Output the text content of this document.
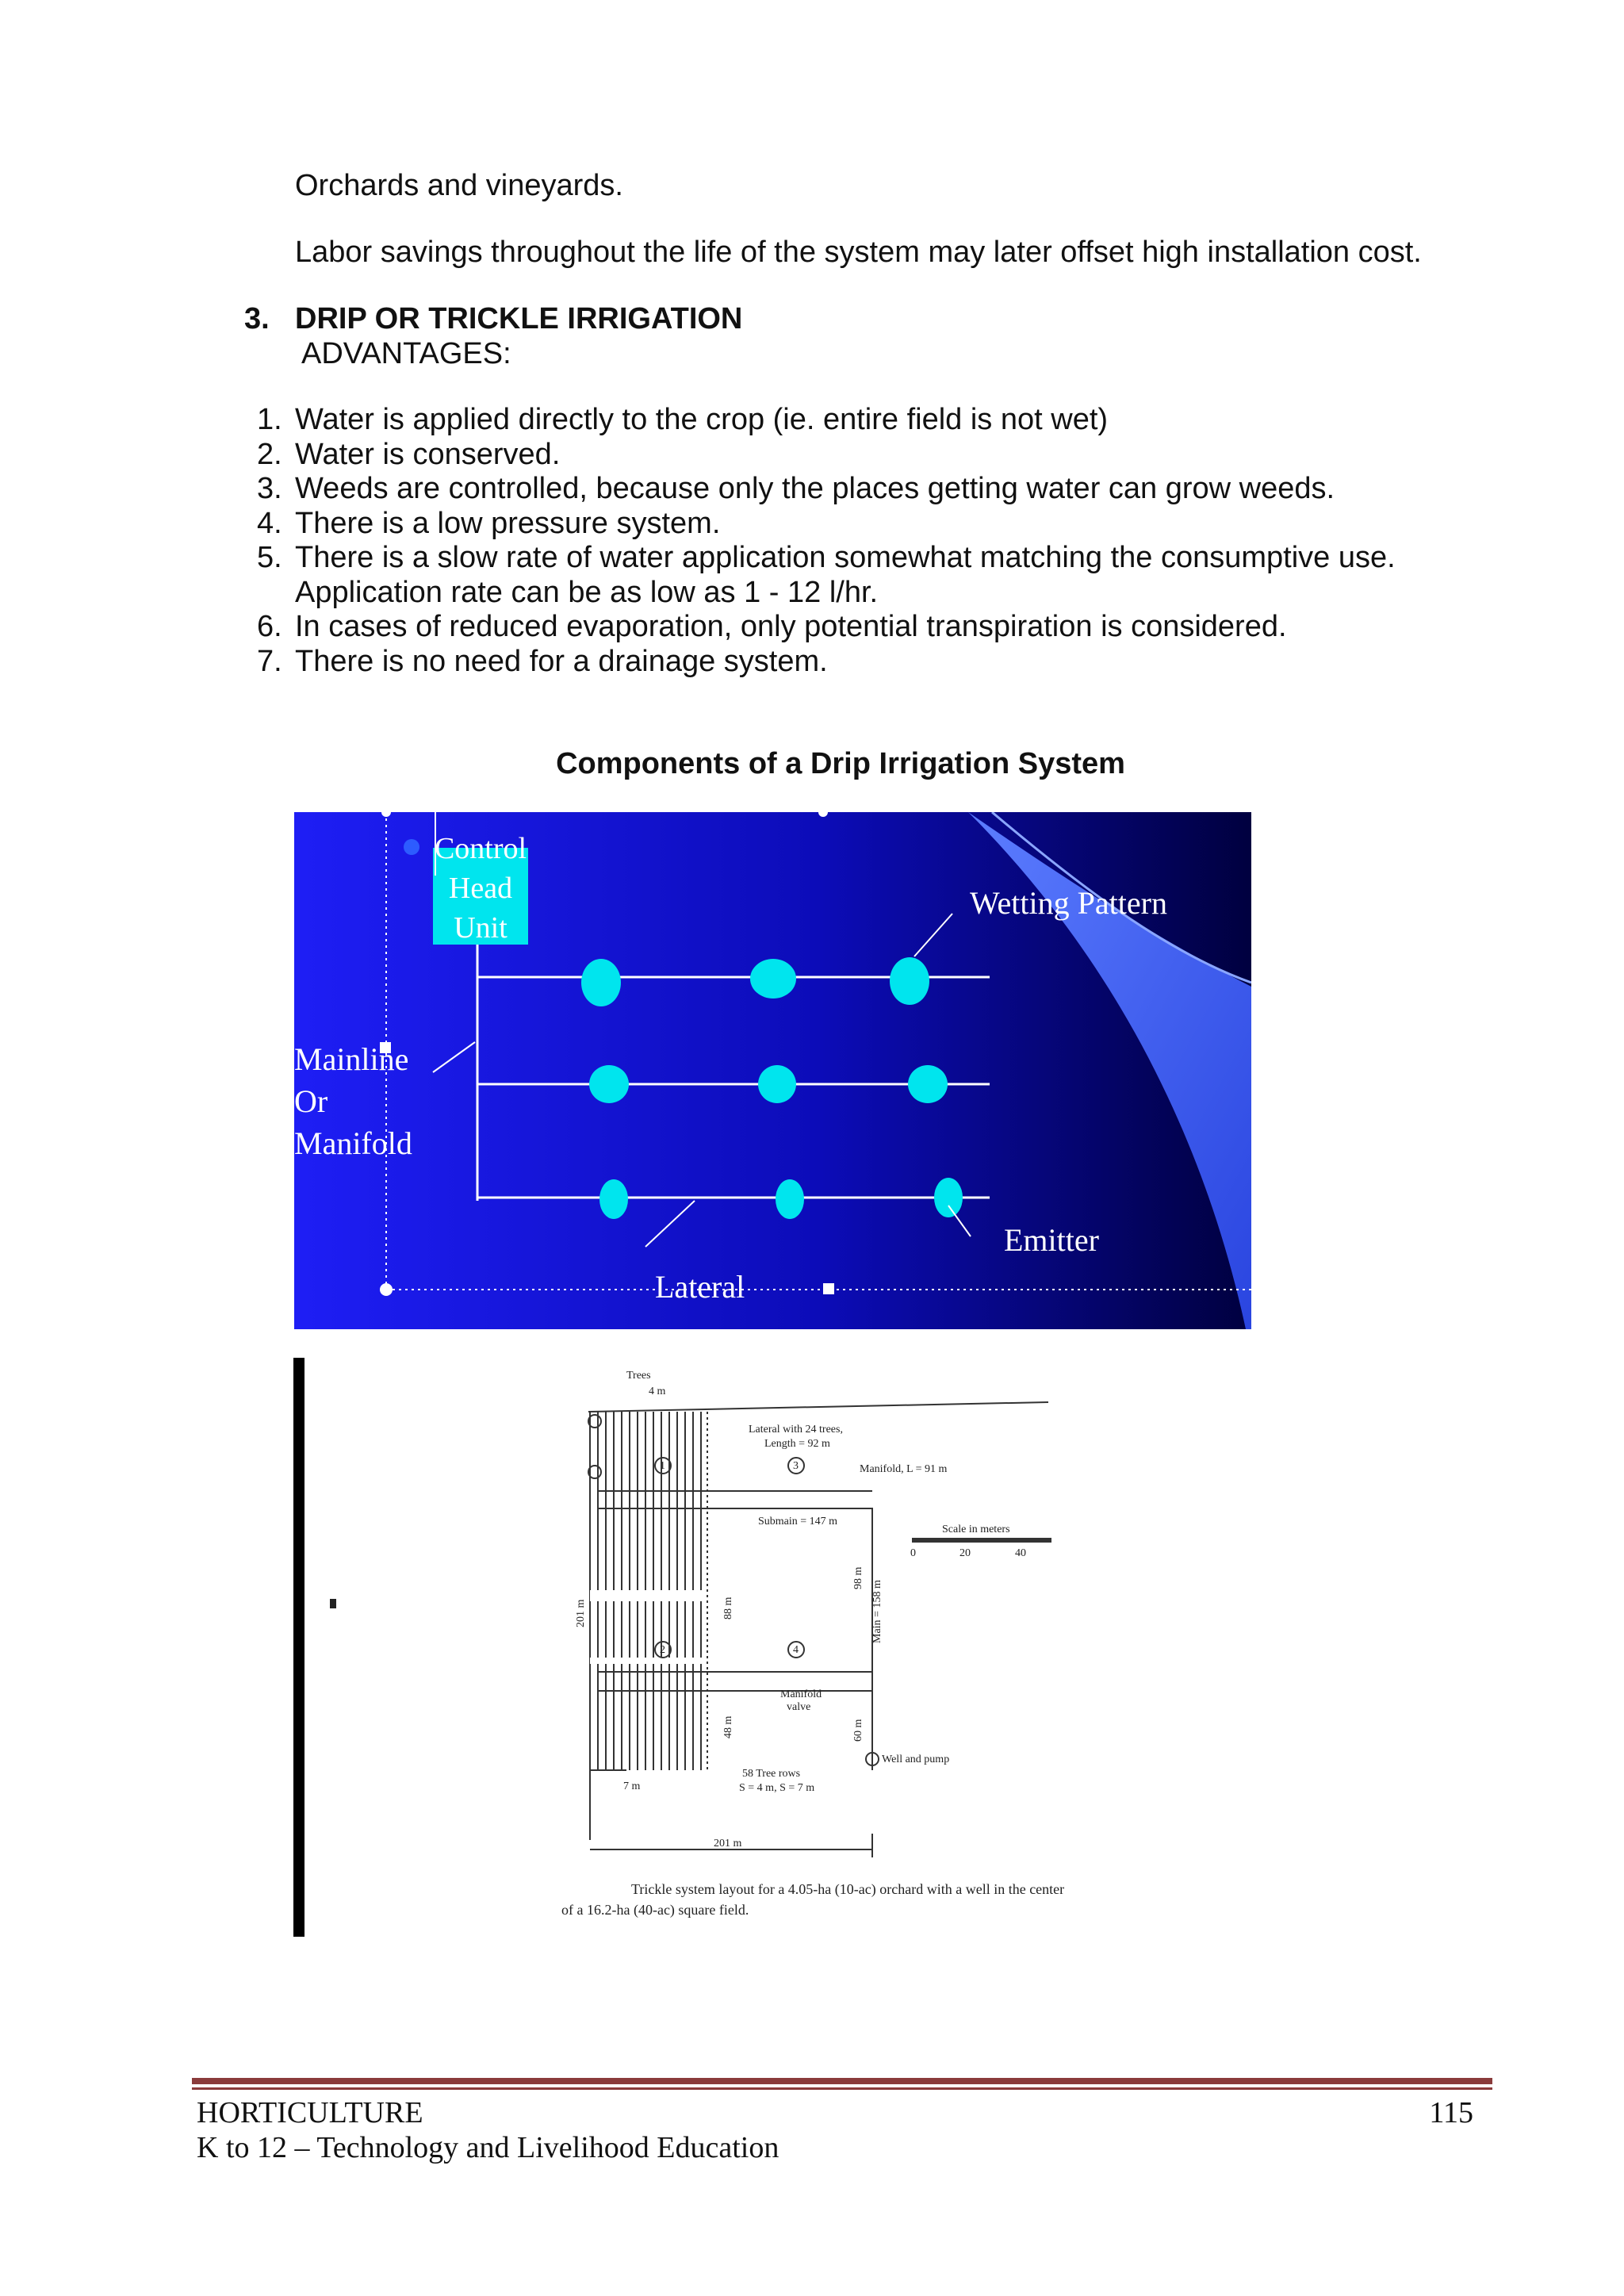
Orchards and vineyards.
Labor savings throughout the life of the system may later offset high installation cost.
3. DRIP OR TRICKLE IRRIGATION
ADVANTAGES:
1. Water is applied directly to the crop (ie. entire field is not wet)
2. Water is conserved.
3. Weeds are controlled, because only the places getting water can grow weeds.
4. There is a low pressure system.
5. There is a slow rate of water application somewhat matching the consumptive use.
Application rate can be as low as 1 - 12 l/hr.
6. In cases of reduced evaporation, only potential transpiration is considered.
7. There is no need for a drainage system.
Components of a Drip Irrigation System
Control
Head
Unit
Wetting Pattern
Mainline
Or
Manifold
Emitter
Lateral
Trees
4 m
Lateral with 24 trees,
Length = 92 m
Manifold, L = 91 m
Submain = 147 m
Scale in meters
0	20	40
201 m	88 m
48 m
98 m
Main = 158 m
60 m
Manifold
valve
Well and pump
58 Tree rows
S = 4 m, S = 7 m
7 m
201 m
1
2
3
4
Trickle system layout for a 4.05-ha (10-ac) orchard with a well in the center
of a 16.2-ha (40-ac) square field.
HORTICULTURE	115
K to 12 – Technology and Livelihood Education
